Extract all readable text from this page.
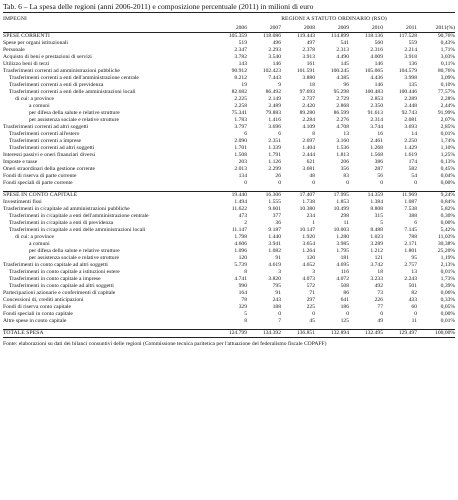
Tab. 6 – La spesa delle regioni (anni 2006-2011) e composizione percentuale (2011) in milioni di euro
IMPEGNI	REGIONI A STATUTO ORDINARIO (RSO)						
	2006	2007	2008	2009	2010	2011	2011(%)
SPESE CORRENTI	105.359	118.086	119.443	114.899	118.136	117.528	90,76%
Spese per organi istituzionali	519	496	497	541	560	559	0,43%
Personale	2.347	2.293	2.378	2.313	2.316	2.214	1,71%
Acquisto di beni e prestazioni di servizi	3.782	3.540	3.913	4.490	4.009	3.918	3,03%
Utilizzo beni di terzi	143	146	161	145	146	136	0,11%
Trasferimenti correnti ad amministrazioni pubbliche	90.912	102.423	101.591	100.245	105.065	104.579	80,76%
Trasferimenti correnti a enti dell'amministrazione centrale	8.212	7.443	3.880	4.385	4.436	3.998	3,09%
Trasferimenti correnti a enti di previdenza	19	9	18	96	146	135	0,10%
Trasferimenti correnti a enti delle amministrazioni locali	82.682	86.492	97.693	95.298	100.483	100.446	77,57%
di cui: a province	2.225	2.149	2.737	2.729	2.853	2.289	2,28%
a comuni	2.258	2.489	2.420	2.868	2.350	2.448	2,44%
per difesa della salute e relative strutture	75.341	79.883	89.280	86.599	91.613	92.743	91,99%
per assistenza sociale e relative strutture	1.783	1.416	2.284	2.276	2.314	2.081	2,07%
Trasferimenti correnti ad altri soggetti	3.797	3.696	4.109	4.708	3.744	3.693	2,85%
Trasferimenti correnti all'estero	6	6	8	13	16	14	0,01%
Trasferimenti correnti a imprese	2.090	2.351	2.697	3.160	2.461	2.250	1,74%
Trasferimenti correnti ad altri soggetti	1.701	1.339	1.404	1.536	1.268	1.429	1,10%
Interessi passivi e oneri finanziari diversi	1.508	1.791	2.444	1.813	1.568	1.619	1,25%
Imposte e tasse	203	1.126	621	206	386	174	0,13%
Oneri straordinari della gestione corrente	2.013	2.299	3.681	356	287	582	0,45%
Fondi di riserva di parte corrente	134	26	48	83	56	54	0,04%
Fondi speciali di parte corrente	0	0	0	0	0	0	0,00%

SPESE IN CONTO CAPITALE	19.440	16.306	17.407	17.995	14.359	11.969	9,24%
Investimenti fissi	1.494	1.555	1.738	1.853	1.384	1.087	0,84%
Trasferimenti in c/capitale ad amministrazioni pubbliche	11.622	9.601	10.380	10.499	8.808	7.538	5,82%
Trasferimenti in c/capitale a enti dell'amministrazione centrale	473	377	234	298	315	388	0,30%
Trasferimenti in c/capitale a enti di previdenza	2	36	1	11	5	6	0,00%
Trasferimenti in c/capitale a enti delle amministrazioni locali	11.147	9.187	10.147	10.003	8.488	7.145	5,42%
di cui: a province	1.798	1.440	1.920	1.280	1.023	788	11,03%
a comuni	4.606	3.941	3.654	3.985	3.289	2.171	30,38%
per difesa della salute e relative strutture	1.096	1.082	1.264	1.795	1.212	1.801	25,20%
per assistenza sociale e relative strutture	120	91	120	181	121	95	1,19%
Trasferimenti in conto capitale ad altri soggetti	5.739	4.619	4.652	4.695	3.742	2.757	2,13%
Trasferimenti in conto capitale a istituzioni estere	8	3	3	116	18	13	0,01%
Trasferimenti in conto capitale a imprese	4.741	3.820	4.073	4.072	3.233	2.243	1,73%
Trasferimenti in conto capitale ad altri soggetti	990	795	572	508	492	501	0,39%
Partecipazioni azionarie e conferimenti di capitale	164	91	71	86	73	82	0,06%
Concessioni di, crediti anticipazioni	78	243	297	641	226	433	0,33%
Fondi di riserva conto capitale	329	188	225	186	77	60	0,05%
Fondi speciali in conto capitale	5	0	0	0	0	0	0,00%
Altre spese in conto capitale	8	7	45	125	49	11	0,01%

TOTALE SPESA	124.799	134.392	136.851	132.894	132.495	129.497	100,00%
Fonte: elaborazioni su dati dei bilanci consuntivi delle regioni (Commissione tecnica paritetica per l'attuazione del federalismo fiscale COPAFF)
